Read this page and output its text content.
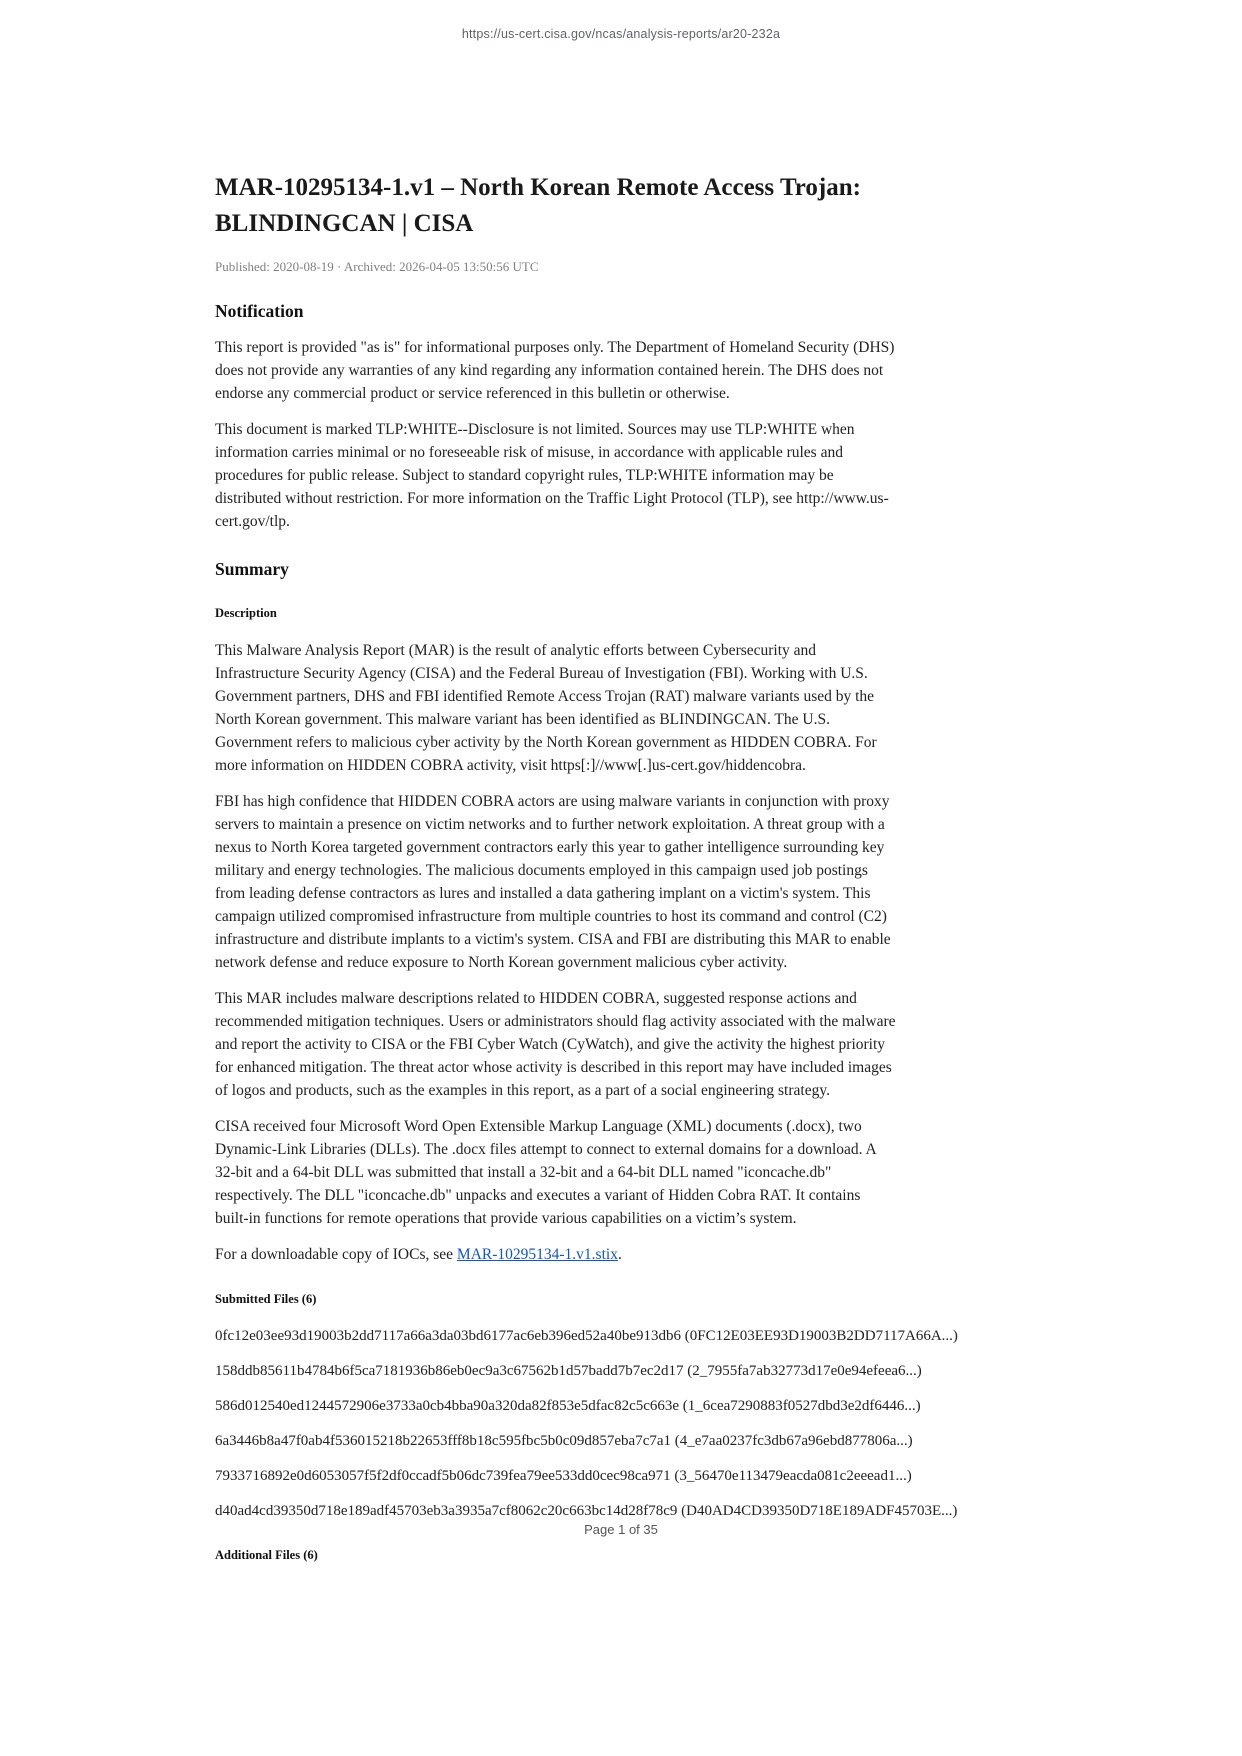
https://us-cert.cisa.gov/ncas/analysis-reports/ar20-232a
MAR-10295134-1.v1 – North Korean Remote Access Trojan: BLINDINGCAN | CISA
Published: 2020-08-19 · Archived: 2026-04-05 13:50:56 UTC
Notification

This report is provided "as is" for informational purposes only. The Department of Homeland Security (DHS) does not provide any warranties of any kind regarding any information contained herein. The DHS does not endorse any commercial product or service referenced in this bulletin or otherwise.

This document is marked TLP:WHITE--Disclosure is not limited. Sources may use TLP:WHITE when information carries minimal or no foreseeable risk of misuse, in accordance with applicable rules and procedures for public release. Subject to standard copyright rules, TLP:WHITE information may be distributed without restriction. For more information on the Traffic Light Protocol (TLP), see http://www.us-cert.gov/tlp.

Summary
Description

This Malware Analysis Report (MAR) is the result of analytic efforts between Cybersecurity and Infrastructure Security Agency (CISA) and the Federal Bureau of Investigation (FBI). Working with U.S. Government partners, DHS and FBI identified Remote Access Trojan (RAT) malware variants used by the North Korean government. This malware variant has been identified as BLINDINGCAN. The U.S. Government refers to malicious cyber activity by the North Korean government as HIDDEN COBRA. For more information on HIDDEN COBRA activity, visit https[:]//www[.]us-cert.gov/hiddencobra.

FBI has high confidence that HIDDEN COBRA actors are using malware variants in conjunction with proxy servers to maintain a presence on victim networks and to further network exploitation. A threat group with a nexus to North Korea targeted government contractors early this year to gather intelligence surrounding key military and energy technologies. The malicious documents employed in this campaign used job postings from leading defense contractors as lures and installed a data gathering implant on a victim's system. This campaign utilized compromised infrastructure from multiple countries to host its command and control (C2) infrastructure and distribute implants to a victim's system. CISA and FBI are distributing this MAR to enable network defense and reduce exposure to North Korean government malicious cyber activity.

This MAR includes malware descriptions related to HIDDEN COBRA, suggested response actions and recommended mitigation techniques. Users or administrators should flag activity associated with the malware and report the activity to CISA or the FBI Cyber Watch (CyWatch), and give the activity the highest priority for enhanced mitigation. The threat actor whose activity is described in this report may have included images of logos and products, such as the examples in this report, as a part of a social engineering strategy.

CISA received four Microsoft Word Open Extensible Markup Language (XML) documents (.docx), two Dynamic-Link Libraries (DLLs). The .docx files attempt to connect to external domains for a download. A 32-bit and a 64-bit DLL was submitted that install a 32-bit and a 64-bit DLL named "iconcache.db" respectively. The DLL "iconcache.db" unpacks and executes a variant of Hidden Cobra RAT. It contains built-in functions for remote operations that provide various capabilities on a victim’s system.

For a downloadable copy of IOCs, see MAR-10295134-1.v1.stix.

Submitted Files (6)

0fc12e03ee93d19003b2dd7117a66a3da03bd6177ac6eb396ed52a40be913db6 (0FC12E03EE93D19003B2DD7117A66A...)

158ddb85611b4784b6f5ca7181936b86eb0ec9a3c67562b1d57badd7b7ec2d17 (2_7955fa7ab32773d17e0e94efeea6...)

586d012540ed1244572906e3733a0cb4bba90a320da82f853e5dfac82c5c663e (1_6cea7290883f0527dbd3e2df6446...)

6a3446b8a47f0ab4f536015218b22653fff8b18c595fbc5b0c09d857eba7c7a1 (4_e7aa0237fc3db67a96ebd877806a...)

7933716892e0d6053057f5f2df0ccadf5b06dc739fea79ee533dd0cec98ca971 (3_56470e113479eacda081c2eeead1...)

d40ad4cd39350d718e189adf45703eb3a3935a7cf8062c20c663bc14d28f78c9 (D40AD4CD39350D718E189ADF45703E...)

Additional Files (6)
Page 1 of 35
